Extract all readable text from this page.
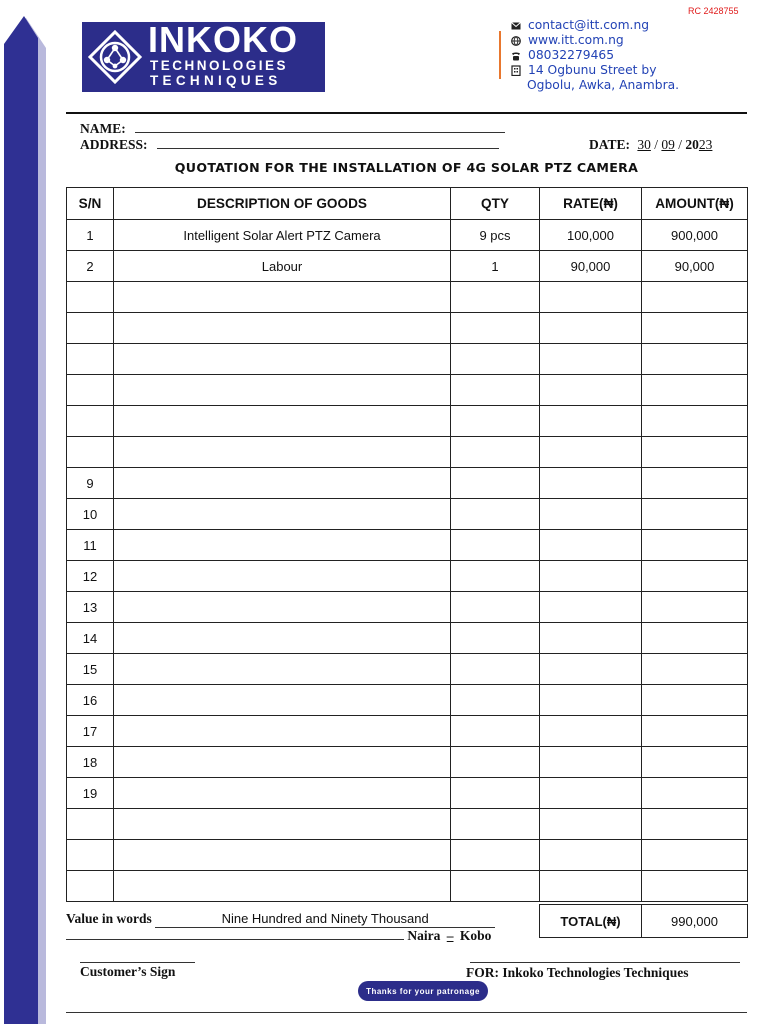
INKOKO
TECHNOLOGIES
TECHNIQUES
RC 2428755
contact@itt.com.ng
www.itt.com.ng
08032279465
14 Ogbunu Street by
Ogbolu, Awka, Anambra.
NAME:
ADDRESS:	DATE: 30 / 09 / 2023
QUOTATION FOR THE INSTALLATION OF 4G SOLAR PTZ CAMERA
S/N	DESCRIPTION OF GOODS	QTY	RATE(₦)	AMOUNT(₦)
1	Intelligent Solar Alert PTZ Camera	9 pcs	100,000	900,000
2	Labour	1	90,000	90,000

9				
10				
11				
12				
13				
14				
15				
16				
17				
18				
19				

Value in words	Nine Hundred and Ninety Thousand
Naira – Kobo
TOTAL(₦)	990,000
Customer’s Sign	FOR: Inkoko Technologies Techniques
Thanks for your patronage
